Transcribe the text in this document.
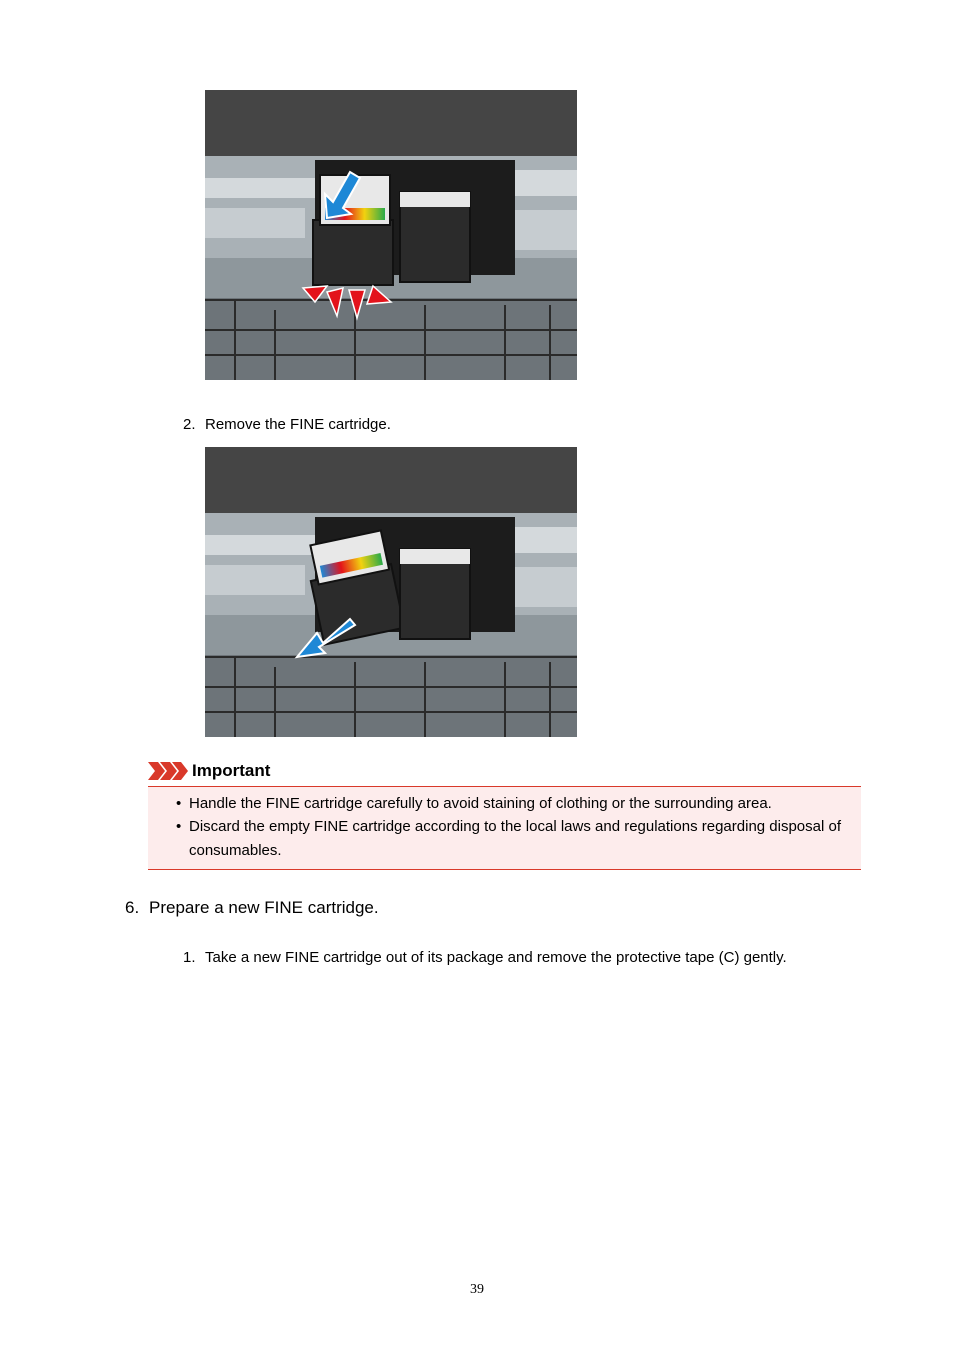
2. Remove the FINE cartridge.
Important
• Handle the FINE cartridge carefully to avoid staining of clothing or the surrounding area.
• Discard the empty FINE cartridge according to the local laws and regulations regarding disposal of consumables.
6. Prepare a new FINE cartridge.
1. Take a new FINE cartridge out of its package and remove the protective tape (C) gently.
39
